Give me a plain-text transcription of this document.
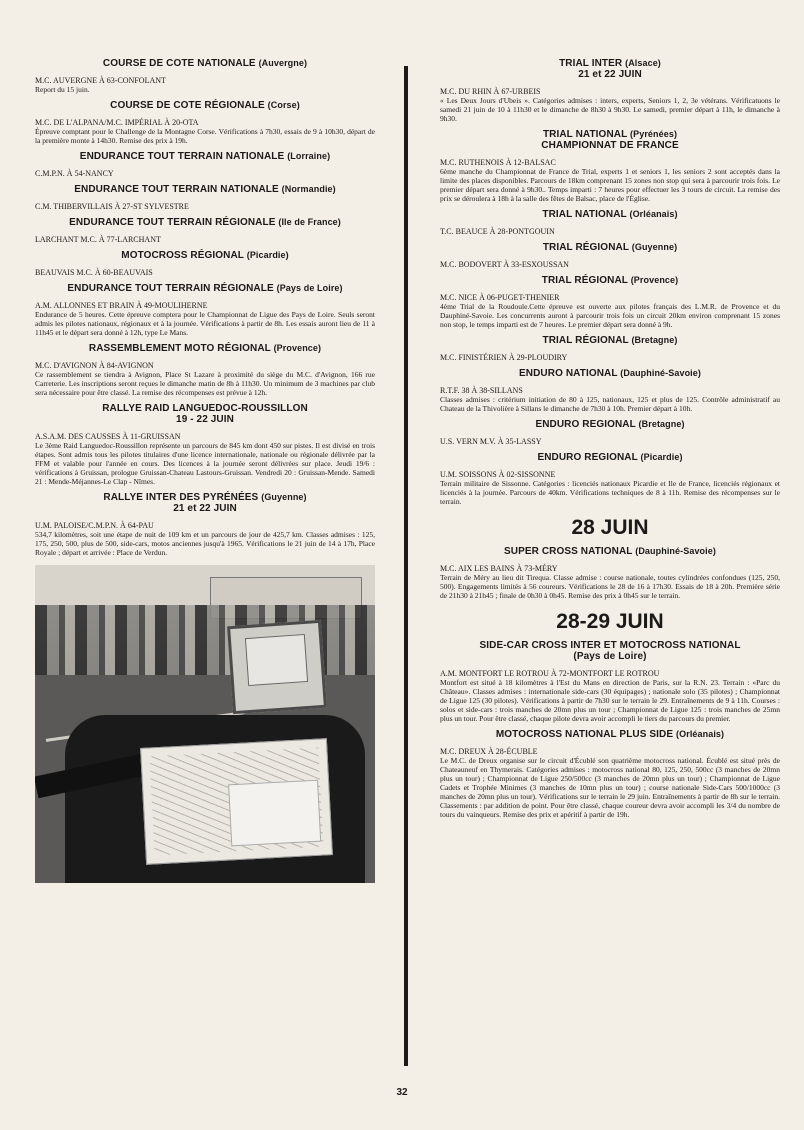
COURSE DE COTE NATIONALE (Auvergne)

M.C. AUVERGNE À 63-CONFOLANT

Report du 15 juin.

COURSE DE COTE RÉGIONALE (Corse)

M.C. DE L'ALPANA/M.C. IMPÉRIAL À 20-OTA

Épreuve comptant pour le Challenge de la Montagne Corse. Vérifications à 7h30, essais de 9 à 10h30, départ de la première monte à 14h30. Remise des prix à 19h.

ENDURANCE TOUT TERRAIN NATIONALE (Lorraine)

C.M.P.N. À 54-NANCY

ENDURANCE TOUT TERRAIN NATIONALE (Normandie)

C.M. THIBERVILLAIS À 27-ST SYLVESTRE

ENDURANCE TOUT TERRAIN RÉGIONALE (Ile de France)

LARCHANT M.C. À 77-LARCHANT

MOTOCROSS RÉGIONAL (Picardie)

BEAUVAIS M.C. À 60-BEAUVAIS

ENDURANCE TOUT TERRAIN RÉGIONALE (Pays de Loire)

A.M. ALLONNES ET BRAIN À 49-MOULIHERNE

Endurance de 5 heures. Cette épreuve comptera pour le Championnat de Ligue des Pays de Loire. Seuls seront admis les pilotes nationaux, régionaux et à la journée. Vérifications à partir de 8h. Les essais auront lieu de 11 à 11h45 et le départ sera donné à 12h, type Le Mans.

RASSEMBLEMENT MOTO RÉGIONAL (Provence)

M.C. D'AVIGNON À 84-AVIGNON

Ce rassemblement se tiendra à Avignon, Place St Lazare à proximité du siège du M.C. d'Avignon, 166 rue Carreterie. Les inscriptions seront reçues le dimanche matin de 8h à 11h30. Un minimum de 3 machines par club sera nécessaire pour être classé. La remise des récompenses est prévue à 12h.

RALLYE RAID LANGUEDOC-ROUSSILLON
19 - 22 JUIN

A.S.A.M. DES CAUSSES À 11-GRUISSAN

Le 3ème Raid Languedoc-Roussillon représente un parcours de 845 km dont 450 sur pistes. Il est divisé en trois étapes. Sont admis tous les pilotes titulaires d'une licence internationale, nationale ou régionale délivrée par la FFM et valable pour l'année en cours. Des licences à la journée seront délivrées sur place. Jeudi 19/6 : vérifications à Gruissan, prologue Gruissan-Chateau Lastours-Gruissan. Vendredi 20 : Gruissan-Mende. Samedi 21 : Mende-Méjannes-Le Clap - Nîmes.

RALLYE INTER DES PYRÉNÉES (Guyenne)
21 et 22 JUIN

U.M. PALOISE/C.M.P.N. À 64-PAU

534,7 kilomètres, soit une étape de nuit de 109 km et un parcours de jour de 425,7 km. Classes admises : 125, 175, 250, 500, plus de 500, side-cars, motos anciennes jusqu'à 1965. Vérifications le 21 juin de 14 à 17h, Place Royale ; départ et arrivée : Place de Verdun.

TRIAL INTER (Alsace)
21 et 22 JUIN

M.C. DU RHIN À 67-URBEIS

« Les Deux Jours d'Ubeis ». Catégories admises : inters, experts, Seniors 1, 2, 3e vétérans. Vérificatuons le samedi 21 juin de 10 à 11h30 et le dimanche de 8h30 à 9h30. Le samedi, premier départ à 11h, le dimanche à 9h30.

TRIAL NATIONAL (Pyrénées)
CHAMPIONNAT DE FRANCE

M.C. RUTHENOIS À 12-BALSAC

6ème manche du Championnat de France de Trial, experts 1 et seniors 1, les seniors 2 sont acceptés dans la limite des places disponibles. Parcours de 18km comprenant 15 zones non stop qui sera à parcourir trois fois. Le premier départ sera donné à 9h30.. Temps imparti : 7 heures pour effectuer les 3 tours de circuit. La remise des prix se déroulera à 18h à la salle des fêtes de Balsac, place de l'Église.

TRIAL NATIONAL (Orléanais)

T.C. BEAUCE À 28-PONTGOUIN

TRIAL RÉGIONAL (Guyenne)

M.C. BODOVERT À 33-ESXOUSSAN

TRIAL RÉGIONAL (Provence)

M.C. NICE À 06-PUGET-THENIER

4ème Trial de la Roudoule.Cette épreuve est ouverte aux pilotes français des L.M.R. de Provence et du Dauphiné-Savoie. Les concurrents auront à parcourir trois fois un circuit 20km environ comprenant 15 zones non stop, le temps imparti est de 7 heures. Le premier départ sera donné à 9h.

TRIAL RÉGIONAL (Bretagne)

M.C. FINISTÉRIEN À 29-PLOUDIRY

ENDURO NATIONAL (Dauphiné-Savoie)

R.T.F. 38 À 38-SILLANS

Classes admises : critérium initiation de 80 à 125, nationaux, 125 et plus de 125. Contrôle administratif au Chateau de la Thivolière à Sillans le dimanche de 7h30 à 10h. Premier départ à 10h.

ENDURO REGIONAL (Bretagne)

U.S. VERN M.V. À 35-LASSY

ENDURO REGIONAL (Picardie)

U.M. SOISSONS À 02-SISSONNE

Terrain militaire de Sissonne. Catégories : licenciés nationaux Picardie et Ile de France, licenciés régionaux et licenciés à la journée. Parcours de 40km. Vérifications techniques de 8 à 11h. Remise des récompenses sur le terrain.

28 JUIN
SUPER CROSS NATIONAL (Dauphiné-Savoie)

M.C. AIX LES BAINS À 73-MÉRY

Terrain de Méry au lieu dit Tirequa. Classe admise : course nationale, toutes cylindrées confondues (125, 250, 500). Engagements limités à 56 coureurs. Vérifications le 28 de 16 à 17h30. Essais de 18 à 20h. Première série de 21h30 à 21h45 ; finale de 0h30 à 0h45. Remise des prix à 0h45 sur le terrain.

28-29 JUIN
SIDE-CAR CROSS INTER ET MOTOCROSS NATIONAL
(Pays de Loire)

A.M. MONTFORT LE ROTROU À 72-MONTFORT LE ROTROU

Montfort est situé à 18 kilomètres à l'Est du Mans en direction de Paris, sur la R.N. 23. Terrain : «Parc du Château». Classes admises : internationale side-cars (30 équipages) ; nationale solo (35 pilotes) ; Championnat de Ligue 125 (30 pilotes). Vérifications à partir de 7h30 sur le terrain le 29. Entraînements de 9 à 11h. Courses : solos et side-cars : trois manches de 20mn plus un tour ; Championnat de Ligue 125 : trois manches de 25mn plus un tour. Pour être classé, chaque pilote devra avoir accompli le tiers du parcours du premier.

MOTOCROSS NATIONAL PLUS SIDE (Orléanais)

M.C. DREUX À 28-ÉCUBLE

Le M.C. de Dreux organise sur le circuit d'Écublé son quatrième motocross national. Écublé est situé près de Chateauneuf en Thymerais. Catégories admises : motocross national 80, 125, 250, 500cc (3 manches de 20mn plus un tour) ; Championnat de Ligue 250/500cc (3 manches de 20mn plus un tour) ; Championnat de Ligue Cadets et Trophée Minimes (3 manches de 10mn plus un tour) ; course nationale Side-Cars 500/1000cc (3 manches de 20mn plus un tour). Vérifications sur le terrain le 29 juin. Entraînements à partir de 8h sur le terrain. Classements : par addition de point. Pour être classé, chaque coureur devra avoir accompli les 3/4 du nombre de tours du vainqueurs. Remise des prix et apéritif à partir de 19h.

32
